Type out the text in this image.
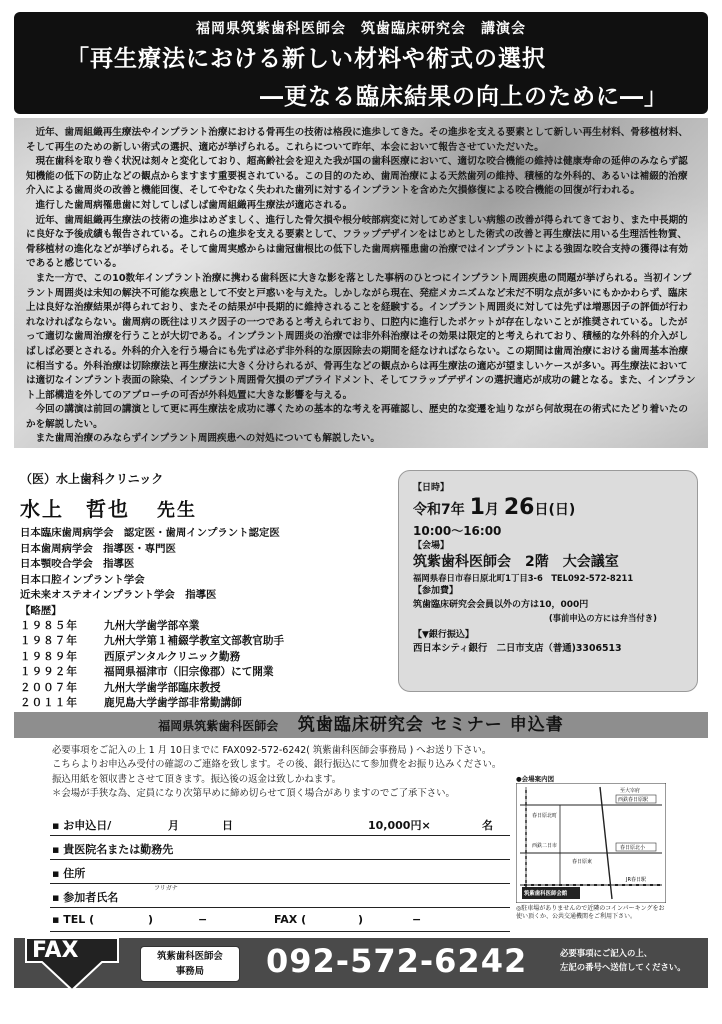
福岡県筑紫歯科医師会　筑歯臨床研究会　講演会
「再生療法における新しい材料や術式の選択
―更なる臨床結果の向上のために―」

近年、歯周組織再生療法やインプラント治療における骨再生の技術は格段に進歩してきた。その進歩を支える要素として新しい再生材料、骨移植材料、そして再生のための新しい術式の選択、適応が挙げられる。これらについて昨年、本会において報告させていただいた。

現在歯科を取り巻く状況は刻々と変化しており、超高齢社会を迎えた我が国の歯科医療において、適切な咬合機能の維持は健康寿命の延伸のみならず認知機能の低下の防止などの観点からますます重要視されている。この目的のため、歯周治療による天然歯列の維持、積極的な外科的、あるいは補綴的治療介入による歯周炎の改善と機能回復、そしてやむなく失われた歯列に対するインプラントを含めた欠損修復による咬合機能の回復が行われる。

進行した歯周病罹患歯に対してしばしば歯周組織再生療法が適応される。

近年、歯周組織再生療法の技術の進歩はめざましく、進行した骨欠損や根分岐部病変に対してめざましい病態の改善が得られてきており、また中長期的に良好な予後成績も報告されている。これらの進歩を支える要素として、フラップデザインをはじめとした術式の改善と再生療法に用いる生理活性物質、骨移植材の進化などが挙げられる。そして歯周実感からは歯冠歯根比の低下した歯周病罹患歯の治療ではインプラントによる強固な咬合支持の獲得は有効であると感じている。

また一方で、この10数年インプラント治療に携わる歯科医に大きな影を落とした事柄のひとつにインプラント周囲疾患の問題が挙げられる。当初インプラント周囲炎は未知の解決不可能な疾患として不安と戸惑いを与えた。しかしながら現在、発症メカニズムなど未だ不明な点が多いにもかかわらず、臨床上は良好な治療結果が得られており、またその結果が中長期的に維持されることを経験する。インプラント周囲炎に対しては先ずは増悪因子の評価が行われなければならない。歯周病の既往はリスク因子の一つであると考えられており、口腔内に進行したポケットが存在しないことが推奨されている。したがって適切な歯周治療を行うことが大切である。インプラント周囲炎の治療では非外科治療はその効果は限定的と考えられており、積極的な外科的介入がしばしば必要とされる。外科的介入を行う場合にも先ずは必ず非外科的な原因除去の期間を経なければならない。この期間は歯周治療における歯周基本治療に相当する。外科治療は切除療法と再生療法に大きく分けられるが、骨再生などの観点からは再生療法の適応が望ましいケースが多い。再生療法においては適切なインプラント表面の除染、インプラント周囲骨欠損のデブライドメント、そしてフラップデザインの選択適応が成功の鍵となる。また、インプラント上部構造を外してのアプローチの可否が外科処置に大きな影響を与える。

今回の講演は前回の講演として更に再生療法を成功に導くための基本的な考えを再確認し、歴史的な変遷を辿りながら何故現在の術式にたどり着いたのかを解説したい。

また歯周治療のみならずインプラント周囲疾患への対処についても解説したい。

（医）水上歯科クリニック
水上　哲也 先生
日本臨床歯周病学会　認定医・歯周インプラント認定医
日本歯周病学会　指導医・専門医
日本顎咬合学会　指導医
日本口腔インプラント学会
近未来オステオインプラント学会　指導医
【略歴】
１９８５年 九州大学歯学部卒業
１９８７年 九州大学第１補綴学教室文部教官助手
１９８９年 西原デンタルクリニック勤務
１９９２年 福岡県福津市（旧宗像郡）にて開業
２００７年 九州大学歯学部臨床教授
２０１１年 鹿児島大学歯学部非常勤講師
【日時】
令和7年 1月 26日(日)
10:00～16:00
【会場】
筑紫歯科医師会　2階　大会議室
福岡県春日市春日原北町1丁目3-6　TEL092-572-8211
【参加費】
筑歯臨床研究会会員以外の方は10，000円
(事前申込の方には弁当付き)
【▼銀行振込】
西日本シティ銀行　二日市支店（普通)3306513
福岡県筑紫歯科医師会 筑歯臨床研究会 セミナー 申込書
必要事項をご記入の上 1 月 10日までに FAX092-572-6242( 筑紫歯科医師会事務局 ) へお送り下さい。
こちらよりお申込み受付の確認のご連絡を致します。その後、銀行振込にて参加費をお振り込みください。
振込用紙を領収書とさせて頂きます。振込後の返金は致しかねます。
＊会場が手狭な為、定員になり次第早めに締め切らせて頂く場合がありますのでご了承下さい。
▪ お申込日/	月	日	10,000円×	名
▪ 貴医院名または勤務先
▪ 住所
フリガナ
▪ 参加者氏名
▪ TEL (	)	−	FAX (	)	−
●会場案内図
西鉄春日原駅
至大宰府
春日原北小
春日原北町
西鉄二日市
春日原東
JR春日駅
筑紫歯科医師会館
◎駐車場がありませんので近隣のコインパーキングをお使い頂くか、公共交通機関をご利用下さい。
FAX	筑紫歯科医師会
事務局	092-572-6242	必要事項にご記入の上、
左記の番号へ送信してください。
